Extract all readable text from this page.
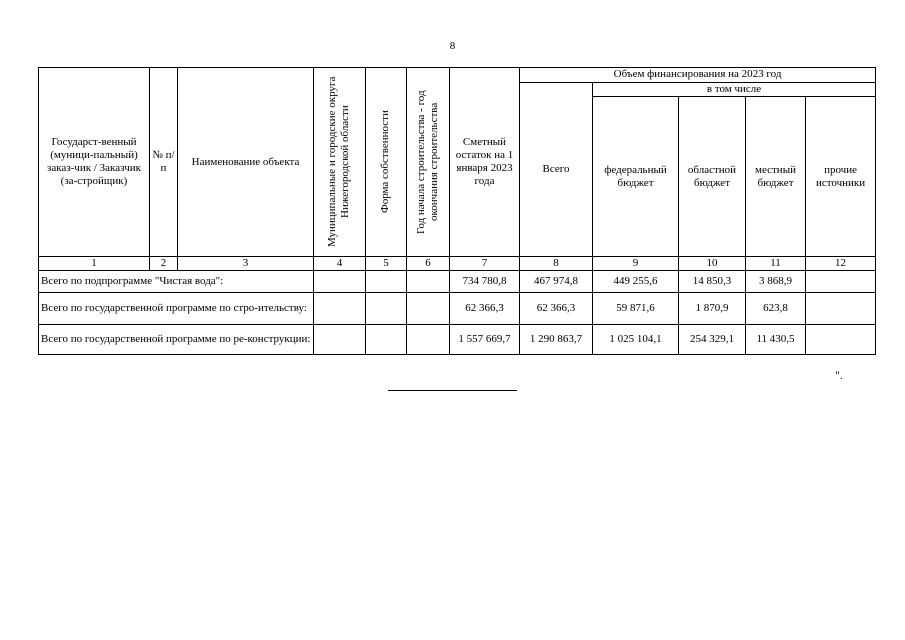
8
Государст-венный (муници-пальный) заказ-чик / Заказчик (за-стройщик)	№ п/п	Наименование объекта	Муниципальные и городские округа Нижегородской области	Форма собственности	Год начала строительства - год окончания строительства	Сметный остаток на 1 января 2023 года	Объем финансирования на 2023 год				
							Всего	в том числе			
								федеральный бюджет	областной бюджет	местный бюджет	прочие источники
1	2	3	4	5	6	7	8	9	10	11	12
Всего по подпрограмме "Чистая вода":						734 780,8	467 974,8	449 255,6	14 850,3	3 868,9	
Всего по государственной программе по стро-ительству:						62 366,3	62 366,3	59 871,6	1 870,9	623,8	
Всего по государственной программе по ре-конструкции:						1 557 669,7	1 290 863,7	1 025 104,1	254 329,1	11 430,5	
".
